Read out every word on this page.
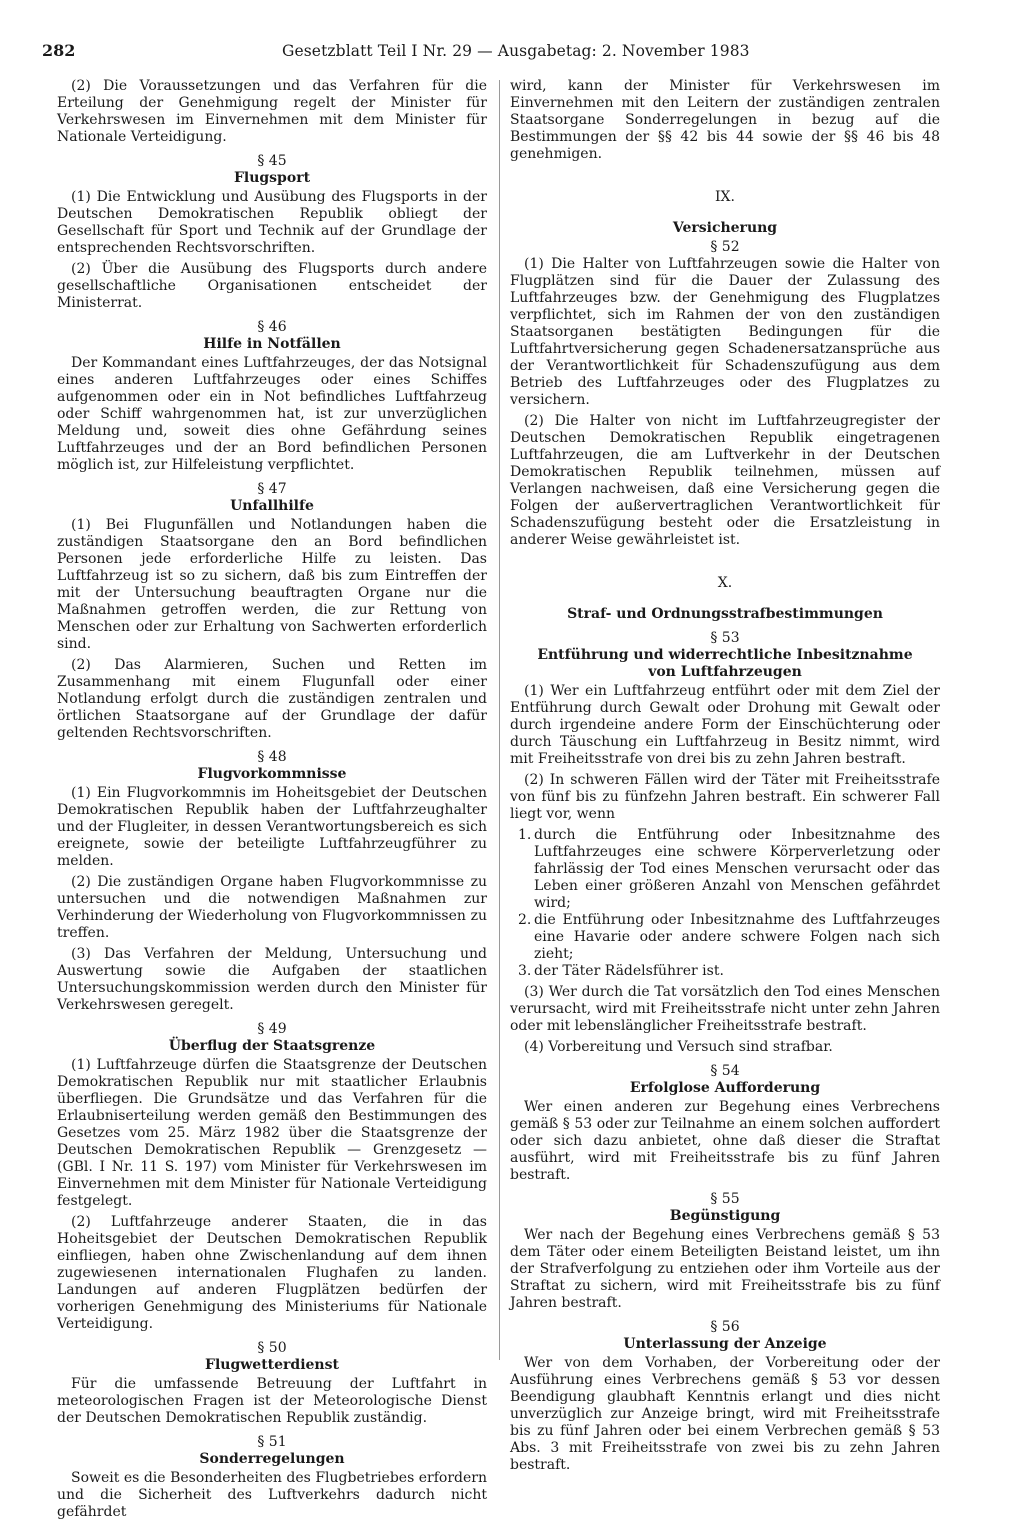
282	Gesetzblatt Teil I Nr. 29 — Ausgabetag: 2. November 1983

(2) Die Voraussetzungen und das Verfahren für die Erteilung der Genehmigung regelt der Minister für Verkehrswesen im Einvernehmen mit dem Minister für Nationale Verteidigung.

§ 45
Flugsport

(1) Die Entwicklung und Ausübung des Flugsports in der Deutschen Demokratischen Republik obliegt der Gesellschaft für Sport und Technik auf der Grundlage der entsprechenden Rechtsvorschriften.

(2) Über die Ausübung des Flugsports durch andere gesellschaftliche Organisationen entscheidet der Ministerrat.

§ 46
Hilfe in Notfällen

Der Kommandant eines Luftfahrzeuges, der das Notsignal eines anderen Luftfahrzeuges oder eines Schiffes aufgenommen oder ein in Not befindliches Luftfahrzeug oder Schiff wahrgenommen hat, ist zur unverzüglichen Meldung und, soweit dies ohne Gefährdung seines Luftfahrzeuges und der an Bord befindlichen Personen möglich ist, zur Hilfeleistung verpflichtet.

§ 47
Unfallhilfe

(1) Bei Flugunfällen und Notlandungen haben die zuständigen Staatsorgane den an Bord befindlichen Personen jede erforderliche Hilfe zu leisten. Das Luftfahrzeug ist so zu sichern, daß bis zum Eintreffen der mit der Untersuchung beauftragten Organe nur die Maßnahmen getroffen werden, die zur Rettung von Menschen oder zur Erhaltung von Sachwerten erforderlich sind.

(2) Das Alarmieren, Suchen und Retten im Zusammenhang mit einem Flugunfall oder einer Notlandung erfolgt durch die zuständigen zentralen und örtlichen Staatsorgane auf der Grundlage der dafür geltenden Rechtsvorschriften.

§ 48
Flugvorkommnisse

(1) Ein Flugvorkommnis im Hoheitsgebiet der Deutschen Demokratischen Republik haben der Luftfahrzeughalter und der Flugleiter, in dessen Verantwortungsbereich es sich ereignete, sowie der beteiligte Luftfahrzeugführer zu melden.

(2) Die zuständigen Organe haben Flugvorkommnisse zu untersuchen und die notwendigen Maßnahmen zur Verhinderung der Wiederholung von Flugvorkommnissen zu treffen.

(3) Das Verfahren der Meldung, Untersuchung und Auswertung sowie die Aufgaben der staatlichen Untersuchungskommission werden durch den Minister für Verkehrswesen geregelt.

§ 49
Überflug der Staatsgrenze

(1) Luftfahrzeuge dürfen die Staatsgrenze der Deutschen Demokratischen Republik nur mit staatlicher Erlaubnis überfliegen. Die Grundsätze und das Verfahren für die Erlaubniserteilung werden gemäß den Bestimmungen des Gesetzes vom 25. März 1982 über die Staatsgrenze der Deutschen Demokratischen Republik — Grenzgesetz — (GBl. I Nr. 11 S. 197) vom Minister für Verkehrswesen im Einvernehmen mit dem Minister für Nationale Verteidigung festgelegt.

(2) Luftfahrzeuge anderer Staaten, die in das Hoheitsgebiet der Deutschen Demokratischen Republik einfliegen, haben ohne Zwischenlandung auf dem ihnen zugewiesenen internationalen Flughafen zu landen. Landungen auf anderen Flugplätzen bedürfen der vorherigen Genehmigung des Ministeriums für Nationale Verteidigung.

§ 50
Flugwetterdienst

Für die umfassende Betreuung der Luftfahrt in meteorologischen Fragen ist der Meteorologische Dienst der Deutschen Demokratischen Republik zuständig.

§ 51
Sonderregelungen

Soweit es die Besonderheiten des Flugbetriebes erfordern und die Sicherheit des Luftverkehrs dadurch nicht gefährdet

wird, kann der Minister für Verkehrswesen im Einvernehmen mit den Leitern der zuständigen zentralen Staatsorgane Sonderregelungen in bezug auf die Bestimmungen der §§ 42 bis 44 sowie der §§ 46 bis 48 genehmigen.

IX.
Versicherung
§ 52

(1) Die Halter von Luftfahrzeugen sowie die Halter von Flugplätzen sind für die Dauer der Zulassung des Luftfahrzeuges bzw. der Genehmigung des Flugplatzes verpflichtet, sich im Rahmen der von den zuständigen Staatsorganen bestätigten Bedingungen für die Luftfahrtversicherung gegen Schadenersatzansprüche aus der Verantwortlichkeit für Schadenszufügung aus dem Betrieb des Luftfahrzeuges oder des Flugplatzes zu versichern.

(2) Die Halter von nicht im Luftfahrzeugregister der Deutschen Demokratischen Republik eingetragenen Luftfahrzeugen, die am Luftverkehr in der Deutschen Demokratischen Republik teilnehmen, müssen auf Verlangen nachweisen, daß eine Versicherung gegen die Folgen der außervertraglichen Verantwortlichkeit für Schadenszufügung besteht oder die Ersatzleistung in anderer Weise gewährleistet ist.

X.
Straf- und Ordnungsstrafbestimmungen
§ 53
Entführung und widerrechtliche Inbesitznahme
von Luftfahrzeugen

(1) Wer ein Luftfahrzeug entführt oder mit dem Ziel der Entführung durch Gewalt oder Drohung mit Gewalt oder durch irgendeine andere Form der Einschüchterung oder durch Täuschung ein Luftfahrzeug in Besitz nimmt, wird mit Freiheitsstrafe von drei bis zu zehn Jahren bestraft.

(2) In schweren Fällen wird der Täter mit Freiheitsstrafe von fünf bis zu fünfzehn Jahren bestraft. Ein schwerer Fall liegt vor, wenn

1. durch die Entführung oder Inbesitznahme des Luftfahrzeuges eine schwere Körperverletzung oder fahrlässig der Tod eines Menschen verursacht oder das Leben einer größeren Anzahl von Menschen gefährdet wird;
2. die Entführung oder Inbesitznahme des Luftfahrzeuges eine Havarie oder andere schwere Folgen nach sich zieht;
3. der Täter Rädelsführer ist.

(3) Wer durch die Tat vorsätzlich den Tod eines Menschen verursacht, wird mit Freiheitsstrafe nicht unter zehn Jahren oder mit lebenslänglicher Freiheitsstrafe bestraft.

(4) Vorbereitung und Versuch sind strafbar.

§ 54
Erfolglose Aufforderung

Wer einen anderen zur Begehung eines Verbrechens gemäß § 53 oder zur Teilnahme an einem solchen auffordert oder sich dazu anbietet, ohne daß dieser die Straftat ausführt, wird mit Freiheitsstrafe bis zu fünf Jahren bestraft.

§ 55
Begünstigung

Wer nach der Begehung eines Verbrechens gemäß § 53 dem Täter oder einem Beteiligten Beistand leistet, um ihn der Strafverfolgung zu entziehen oder ihm Vorteile aus der Straftat zu sichern, wird mit Freiheitsstrafe bis zu fünf Jahren bestraft.

§ 56
Unterlassung der Anzeige

Wer von dem Vorhaben, der Vorbereitung oder der Ausführung eines Verbrechens gemäß § 53 vor dessen Beendigung glaubhaft Kenntnis erlangt und dies nicht unverzüglich zur Anzeige bringt, wird mit Freiheitsstrafe bis zu fünf Jahren oder bei einem Verbrechen gemäß § 53 Abs. 3 mit Freiheitsstrafe von zwei bis zu zehn Jahren bestraft.
